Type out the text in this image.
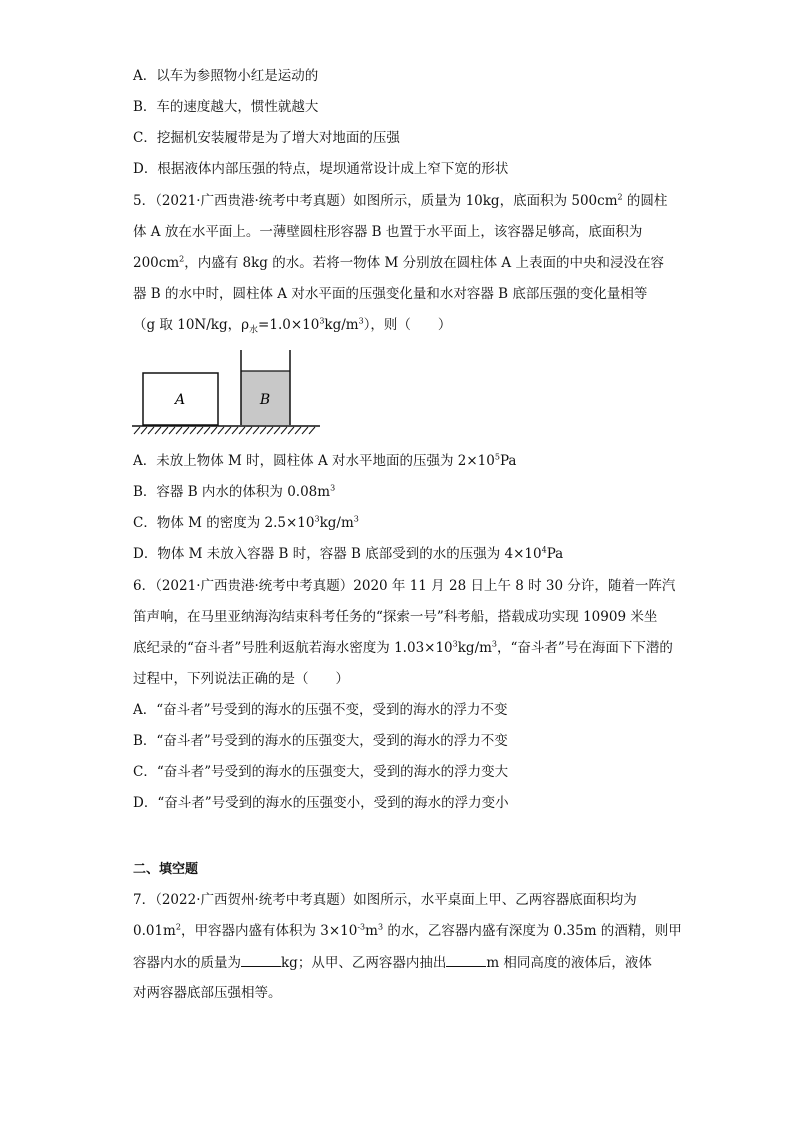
A．以车为参照物小红是运动的
B．车的速度越大，惯性就越大
C．挖掘机安装履带是为了增大对地面的压强
D．根据液体内部压强的特点，堤坝通常设计成上窄下宽的形状
5．（2021·广西贵港·统考中考真题）如图所示，质量为 10kg，底面积为 $500cm^2$ 的圆柱
体 A 放在水平面上。一薄壁圆柱形容器 B 也置于水平面上，该容器足够高，底面积为
$200cm^2$，内盛有 8kg 的水。若将一物体 M 分别放在圆柱体 A 上表面的中央和浸没在容
器 B 的水中时，圆柱体 A 对水平面的压强变化量和水对容器 B 底部压强的变化量相等
（g 取 10N/kg，$\rho_水=1.0\times 10^3kg/m^3$），则（　　）
A	B
A．未放上物体 M 时，圆柱体 A 对水平地面的压强为 $2\times 10^5Pa$
B．容器 B 内水的体积为 $0.08m^3$
C．物体 M 的密度为 $2.5\times 10^3kg/m^3$
D．物体 M 未放入容器 B 时，容器 B 底部受到的水的压强为 $4\times 10^4Pa$
6．（2021·广西贵港·统考中考真题）2020 年 11 月 28 日上午 8 时 30 分许，随着一阵汽
笛声响，在马里亚纳海沟结束科考任务的“探索一号”科考船，搭载成功实现 10909 米坐
底纪录的“奋斗者”号胜利返航若海水密度为 $1.03\times 10^3kg/m^3$，“奋斗者”号在海面下下潜的
过程中，下列说法正确的是（　　）
A．“奋斗者”号受到的海水的压强不变，受到的海水的浮力不变
B．“奋斗者”号受到的海水的压强变大，受到的海水的浮力不变
C．“奋斗者”号受到的海水的压强变大，受到的海水的浮力变大
D．“奋斗者”号受到的海水的压强变小，受到的海水的浮力变小
二、填空题
7．（2022·广西贺州·统考中考真题）如图所示，水平桌面上甲、乙两容器底面积均为
$0.01m^2$，甲容器内盛有体积为 $3\times 10^{-3}m^3$ 的水，乙容器内盛有深度为 0.35m 的酒精，则甲
容器内水的质量为	kg；从甲、乙两容器内抽出	m 相同高度的液体后，液体
对两容器底部压强相等。
